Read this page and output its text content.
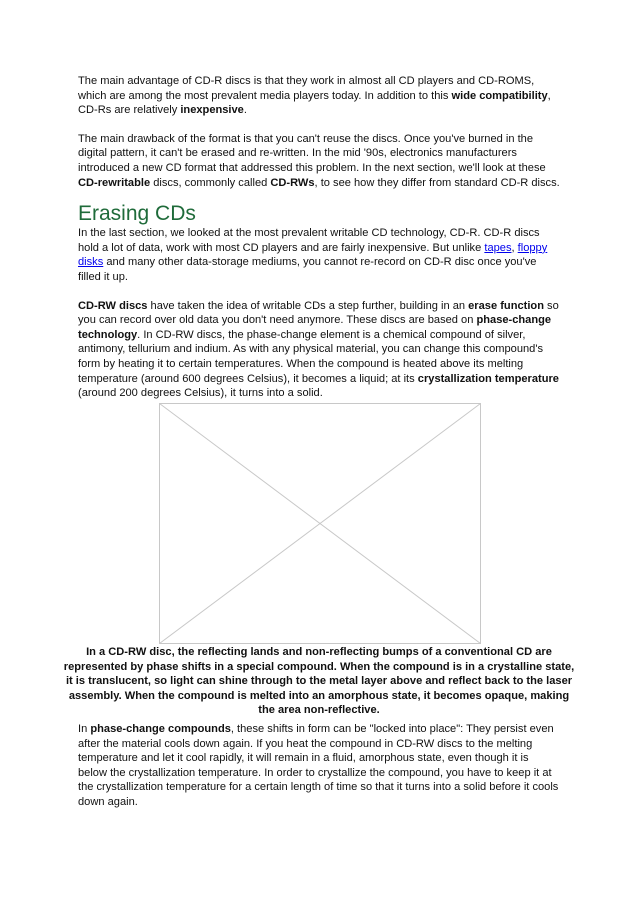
The main advantage of CD-R discs is that they work in almost all CD players and CD-ROMS, which are among the most prevalent media players today. In addition to this wide compatibility, CD-Rs are relatively inexpensive.

The main drawback of the format is that you can't reuse the discs. Once you've burned in the digital pattern, it can't be erased and re-written. In the mid '90s, electronics manufacturers introduced a new CD format that addressed this problem. In the next section, we'll look at these CD-rewritable discs, commonly called CD-RWs, to see how they differ from standard CD-R discs.

Erasing CDs

In the last section, we looked at the most prevalent writable CD technology, CD-R. CD-R discs hold a lot of data, work with most CD players and are fairly inexpensive. But unlike tapes, floppy disks and many other data-storage mediums, you cannot re-record on CD-R disc once you've filled it up.

CD-RW discs have taken the idea of writable CDs a step further, building in an erase function so you can record over old data you don't need anymore. These discs are based on phase-change technology. In CD-RW discs, the phase-change element is a chemical compound of silver, antimony, tellurium and indium. As with any physical material, you can change this compound's form by heating it to certain temperatures. When the compound is heated above its melting temperature (around 600 degrees Celsius), it becomes a liquid; at its crystallization temperature (around 200 degrees Celsius), it turns into a solid.

In a CD-RW disc, the reflecting lands and non-reflecting bumps of a conventional CD are represented by phase shifts in a special compound. When the compound is in a crystalline state, it is translucent, so light can shine through to the metal layer above and reflect back to the laser assembly. When the compound is melted into an amorphous state, it becomes opaque, making the area non-reflective.

In phase-change compounds, these shifts in form can be "locked into place": They persist even after the material cools down again. If you heat the compound in CD-RW discs to the melting temperature and let it cool rapidly, it will remain in a fluid, amorphous state, even though it is below the crystallization temperature. In order to crystallize the compound, you have to keep it at the crystallization temperature for a certain length of time so that it turns into a solid before it cools down again.
